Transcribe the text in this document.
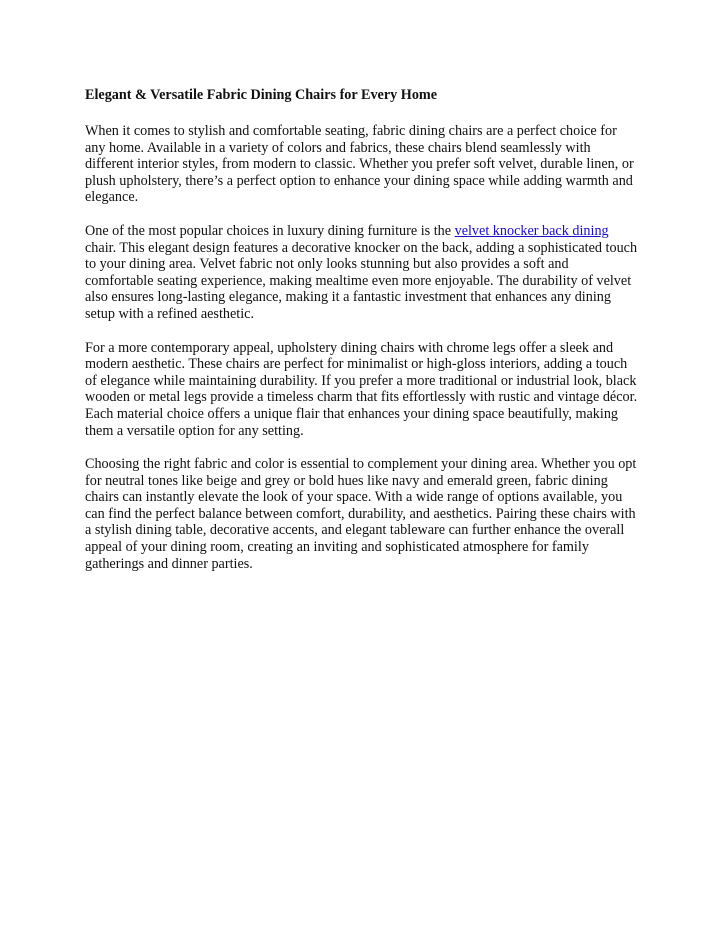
Elegant & Versatile Fabric Dining Chairs for Every Home

When it comes to stylish and comfortable seating, fabric dining chairs are a perfect choice for any home. Available in a variety of colors and fabrics, these chairs blend seamlessly with different interior styles, from modern to classic. Whether you prefer soft velvet, durable linen, or plush upholstery, there’s a perfect option to enhance your dining space while adding warmth and elegance.

One of the most popular choices in luxury dining furniture is the velvet knocker back dining chair. This elegant design features a decorative knocker on the back, adding a sophisticated touch to your dining area. Velvet fabric not only looks stunning but also provides a soft and comfortable seating experience, making mealtime even more enjoyable. The durability of velvet also ensures long-lasting elegance, making it a fantastic investment that enhances any dining setup with a refined aesthetic.

For a more contemporary appeal, upholstery dining chairs with chrome legs offer a sleek and modern aesthetic. These chairs are perfect for minimalist or high-gloss interiors, adding a touch of elegance while maintaining durability. If you prefer a more traditional or industrial look, black wooden or metal legs provide a timeless charm that fits effortlessly with rustic and vintage décor. Each material choice offers a unique flair that enhances your dining space beautifully, making them a versatile option for any setting.

Choosing the right fabric and color is essential to complement your dining area. Whether you opt for neutral tones like beige and grey or bold hues like navy and emerald green, fabric dining chairs can instantly elevate the look of your space. With a wide range of options available, you can find the perfect balance between comfort, durability, and aesthetics. Pairing these chairs with a stylish dining table, decorative accents, and elegant tableware can further enhance the overall appeal of your dining room, creating an inviting and sophisticated atmosphere for family gatherings and dinner parties.
